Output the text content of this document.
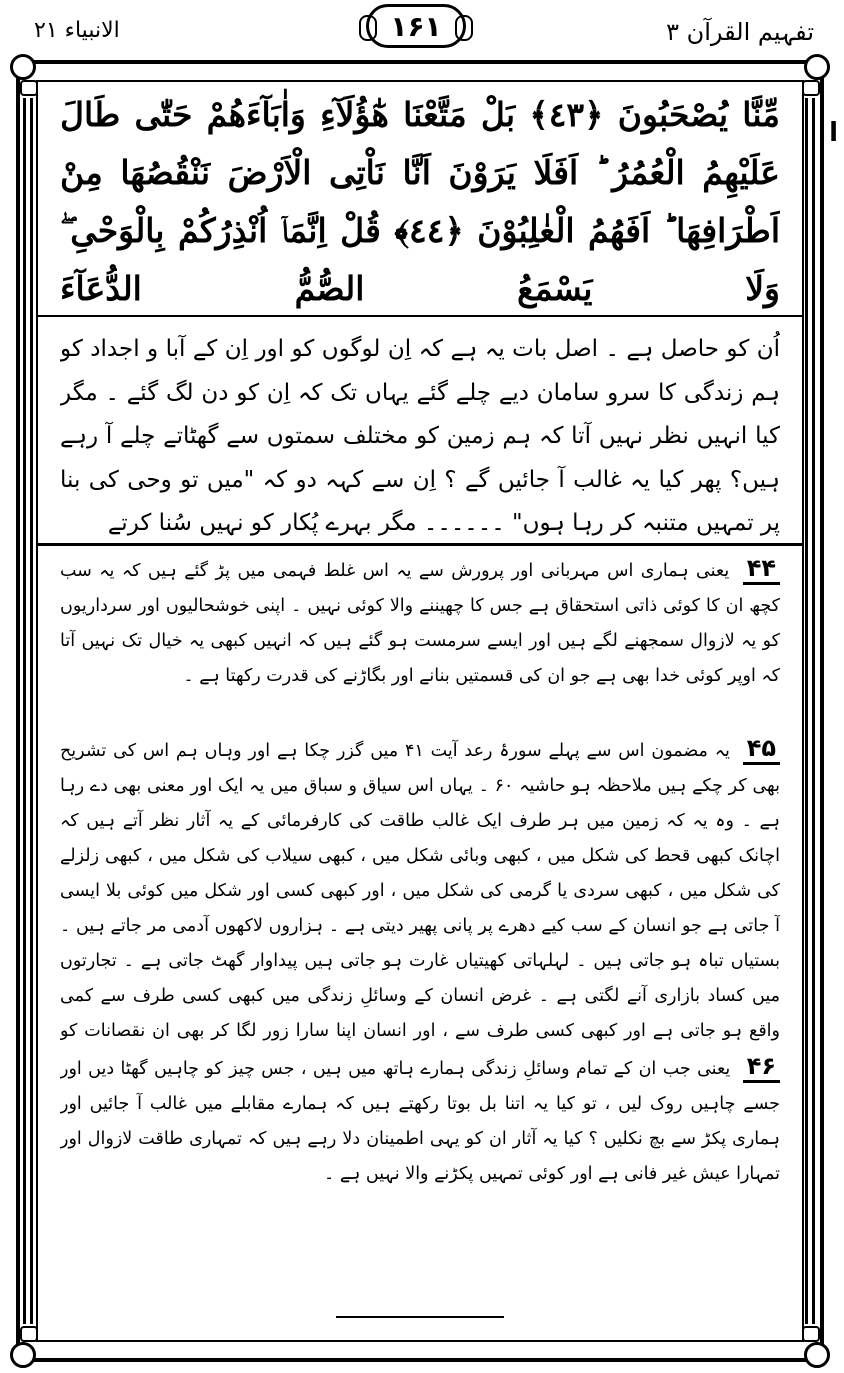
تفہیم القرآن ۳
۱۶۱
الانبیاء ۲۱
ا

مِّنَّا يُصْحَبُونَ ﴿٤٣﴾ بَلْ مَتَّعْنَا هٰٓؤُلَآءِ وَاٰبَآءَهُمْ حَتّٰى طَالَ عَلَيْهِمُ الْعُمُرُ ؕ اَفَلَا يَرَوْنَ اَنَّا نَاْتِى الْاَرْضَ نَنْقُصُهَا مِنْ اَطْرَافِهَا ؕ اَفَهُمُ الْغٰلِبُوْنَ ﴿٤٤﴾ قُلْ اِنَّمَاۤ اُنْذِرُكُمْ بِالْوَحْىِ ۖ وَلَا يَسْمَعُ الصُّمُّ الدُّعَآءَ

اُن کو حاصل ہے ۔ اصل بات یہ ہے کہ اِن لوگوں کو اور اِن کے آبا و اجداد کو ہم زندگی کا سرو سامان دیے چلے گئے یہاں تک کہ اِن کو دن لگ گئے ۔ مگر کیا انہیں نظر نہیں آتا کہ ہم زمین کو مختلف سمتوں سے گھٹاتے چلے آ رہے ہیں؟ پھر کیا یہ غالب آ جائیں گے ؟ اِن سے کہہ دو کہ "میں تو وحی کی بنا پر تمہیں متنبہ کر رہا ہوں" ۔۔۔۔۔۔ مگر بہرے پُکار کو نہیں سُنا کرتے

۴۴ یعنی ہماری اس مہربانی اور پرورش سے یہ اس غلط فہمی میں پڑ گئے ہیں کہ یہ سب کچھ ان کا کوئی ذاتی استحقاق ہے جس کا چھیننے والا کوئی نہیں ۔ اپنی خوشحالیوں اور سرداریوں کو یہ لازوال سمجھنے لگے ہیں اور ایسے سرمست ہو گئے ہیں کہ انہیں کبھی یہ خیال تک نہیں آتا کہ اوپر کوئی خدا بھی ہے جو ان کی قسمتیں بنانے اور بگاڑنے کی قدرت رکھتا ہے ۔

۴۵ یہ مضمون اس سے پہلے سورۂ رعد آیت ۴۱ میں گزر چکا ہے اور وہاں ہم اس کی تشریح بھی کر چکے ہیں ملاحظہ ہو حاشیہ ۶۰ ۔ یہاں اس سیاق و سباق میں یہ ایک اور معنی بھی دے رہا ہے ۔ وہ یہ کہ زمین میں ہر طرف ایک غالب طاقت کی کارفرمائی کے یہ آثار نظر آتے ہیں کہ اچانک کبھی قحط کی شکل میں ، کبھی وبائی شکل میں ، کبھی سیلاب کی شکل میں ، کبھی زلزلے کی شکل میں ، کبھی سردی یا گرمی کی شکل میں ، اور کبھی کسی اور شکل میں کوئی بلا ایسی آ جاتی ہے جو انسان کے سب کیے دھرے پر پانی پھیر دیتی ہے ۔ ہزاروں لاکھوں آدمی مر جاتے ہیں ۔ بستیاں تباہ ہو جاتی ہیں ۔ لہلہاتی کھیتیاں غارت ہو جاتی ہیں پیداوار گھٹ جاتی ہے ۔ تجارتوں میں کساد بازاری آنے لگتی ہے ۔ غرض انسان کے وسائلِ زندگی میں کبھی کسی طرف سے کمی واقع ہو جاتی ہے اور کبھی کسی طرف سے ، اور انسان اپنا سارا زور لگا کر بھی ان نقصانات کو

۴۶ یعنی جب ان کے تمام وسائلِ زندگی ہمارے ہاتھ میں ہیں ، جس چیز کو چاہیں گھٹا دیں اور جسے چاہیں روک لیں ، تو کیا یہ اتنا بل بوتا رکھتے ہیں کہ ہمارے مقابلے میں غالب آ جائیں اور ہماری پکڑ سے بچ نکلیں ؟ کیا یہ آثار ان کو یہی اطمینان دلا رہے ہیں کہ تمہاری طاقت لازوال اور تمہارا عیش غیر فانی ہے اور کوئی تمہیں پکڑنے والا نہیں ہے ۔
